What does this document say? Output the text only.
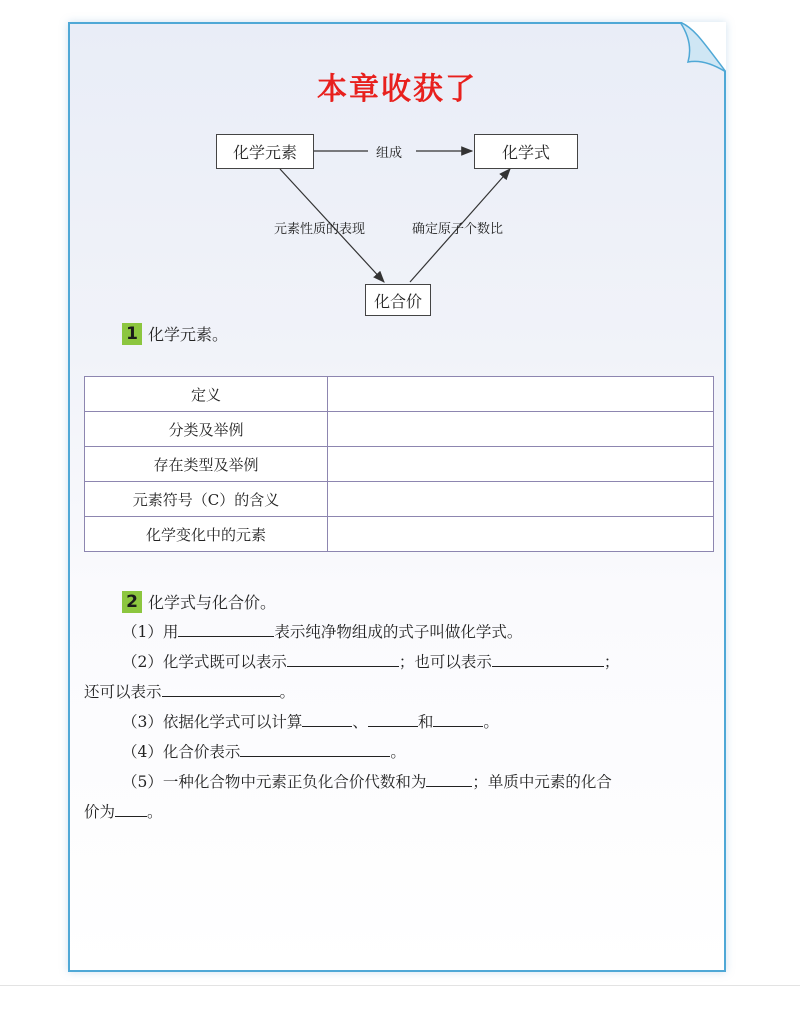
本章收获了
化学元素	化学式
化合价
组成
元素性质的表现	确定原子个数比
1 化学元素。
定义	
分类及举例	
存在类型及举例	
元素符号（C）的含义	
化学变化中的元素	
2 化学式与化合价。
（1）用	表示纯净物组成的式子叫做化学式。
（2）化学式既可以表示	；也可以表示	；
还可以表示	。
（3）依据化学式可以计算	、	和	。
（4）化合价表示	。
（5）一种化合物中元素正负化合价代数和为	；单质中元素的化合
价为 。
